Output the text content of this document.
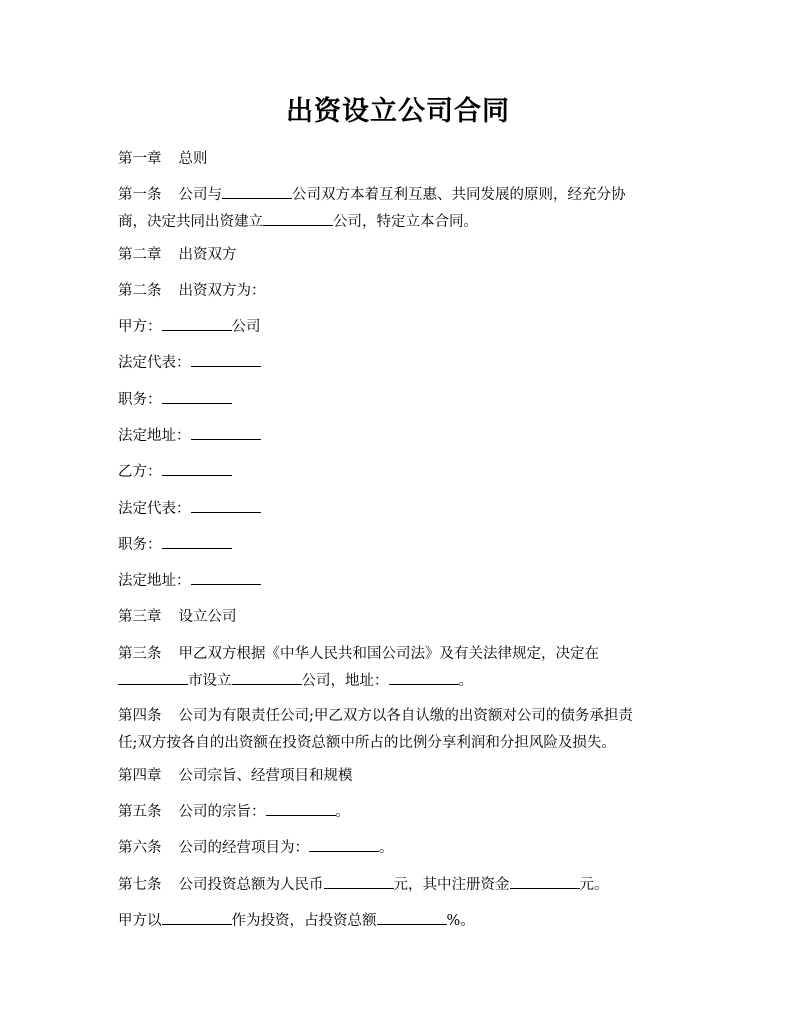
出资设立公司合同
第一章 总则
第一条 公司与	公司双方本着互利互惠、共同发展的原则，经充分协
商，决定共同出资建立	公司，特定立本合同。
第二章 出资双方
第二条 出资双方为：
甲方：	公司
法定代表：
职务：
法定地址：
乙方：
法定代表：
职务：
法定地址：
第三章 设立公司
第三条 甲乙双方根据《中华人民共和国公司法》及有关法律规定，决定在
市设立	公司，地址：	。
第四条 公司为有限责任公司;甲乙双方以各自认缴的出资额对公司的债务承担责
任;双方按各自的出资额在投资总额中所占的比例分享利润和分担风险及损失。
第四章 公司宗旨、经营项目和规模
第五条 公司的宗旨：	。
第六条 公司的经营项目为：	。
第七条 公司投资总额为人民币	元，其中注册资金	元。
甲方以	作为投资，占投资总额	%。
